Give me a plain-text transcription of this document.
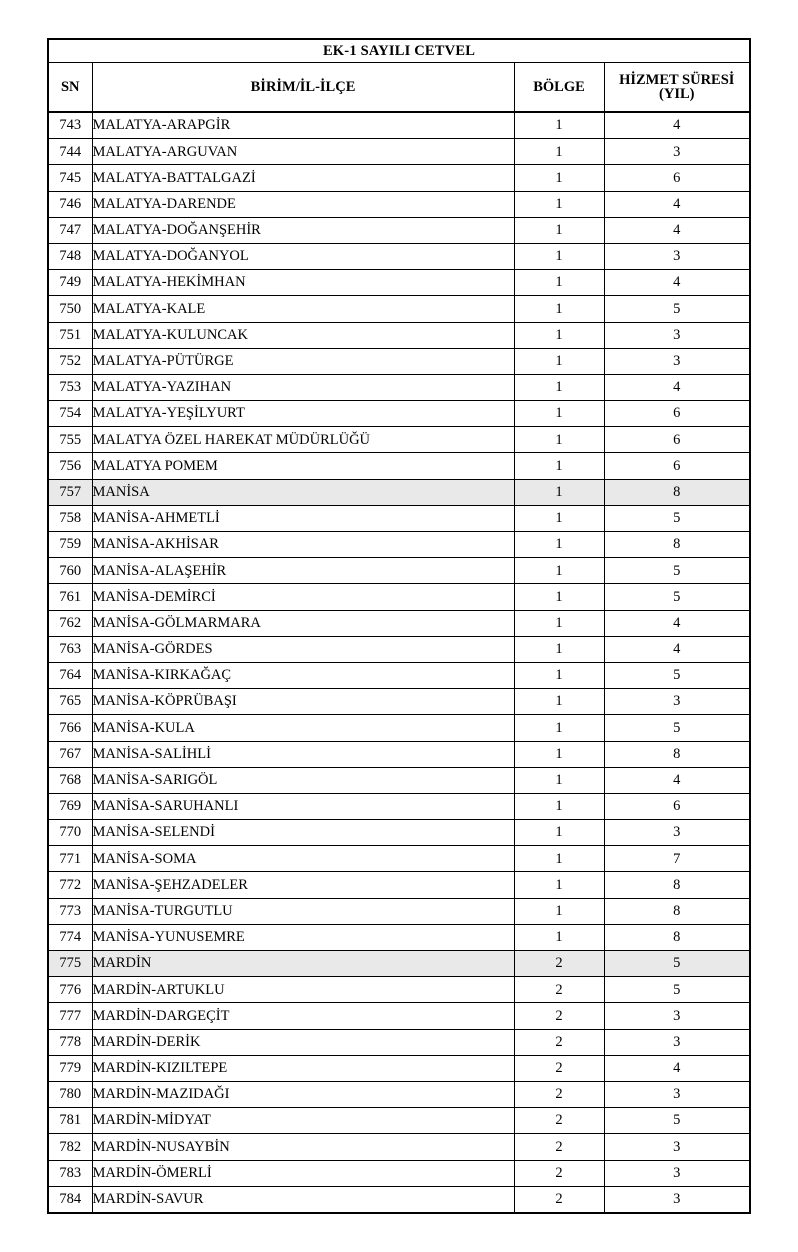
EK-1 SAYILI CETVEL			
SN	BİRİM/İL-İLÇE	BÖLGE	HİZMET SÜRESİ
(YIL)

743	MALATYA-ARAPGİR	1	4
744	MALATYA-ARGUVAN	1	3
745	MALATYA-BATTALGAZİ	1	6
746	MALATYA-DARENDE	1	4
747	MALATYA-DOĞANŞEHİR	1	4
748	MALATYA-DOĞANYOL	1	3
749	MALATYA-HEKİMHAN	1	4
750	MALATYA-KALE	1	5
751	MALATYA-KULUNCAK	1	3
752	MALATYA-PÜTÜRGE	1	3
753	MALATYA-YAZIHAN	1	4
754	MALATYA-YEŞİLYURT	1	6
755	MALATYA ÖZEL HAREKAT MÜDÜRLÜĞÜ	1	6
756	MALATYA POMEM	1	6
757	MANİSA	1	8
758	MANİSA-AHMETLİ	1	5
759	MANİSA-AKHİSAR	1	8
760	MANİSA-ALAŞEHİR	1	5
761	MANİSA-DEMİRCİ	1	5
762	MANİSA-GÖLMARMARA	1	4
763	MANİSA-GÖRDES	1	4
764	MANİSA-KIRKAĞAÇ	1	5
765	MANİSA-KÖPRÜBAŞI	1	3
766	MANİSA-KULA	1	5
767	MANİSA-SALİHLİ	1	8
768	MANİSA-SARIGÖL	1	4
769	MANİSA-SARUHANLI	1	6
770	MANİSA-SELENDİ	1	3
771	MANİSA-SOMA	1	7
772	MANİSA-ŞEHZADELER	1	8
773	MANİSA-TURGUTLU	1	8
774	MANİSA-YUNUSEMRE	1	8
775	MARDİN	2	5
776	MARDİN-ARTUKLU	2	5
777	MARDİN-DARGEÇİT	2	3
778	MARDİN-DERİK	2	3
779	MARDİN-KIZILTEPE	2	4
780	MARDİN-MAZIDAĞI	2	3
781	MARDİN-MİDYAT	2	5
782	MARDİN-NUSAYBİN	2	3
783	MARDİN-ÖMERLİ	2	3
784	MARDİN-SAVUR	2	3
